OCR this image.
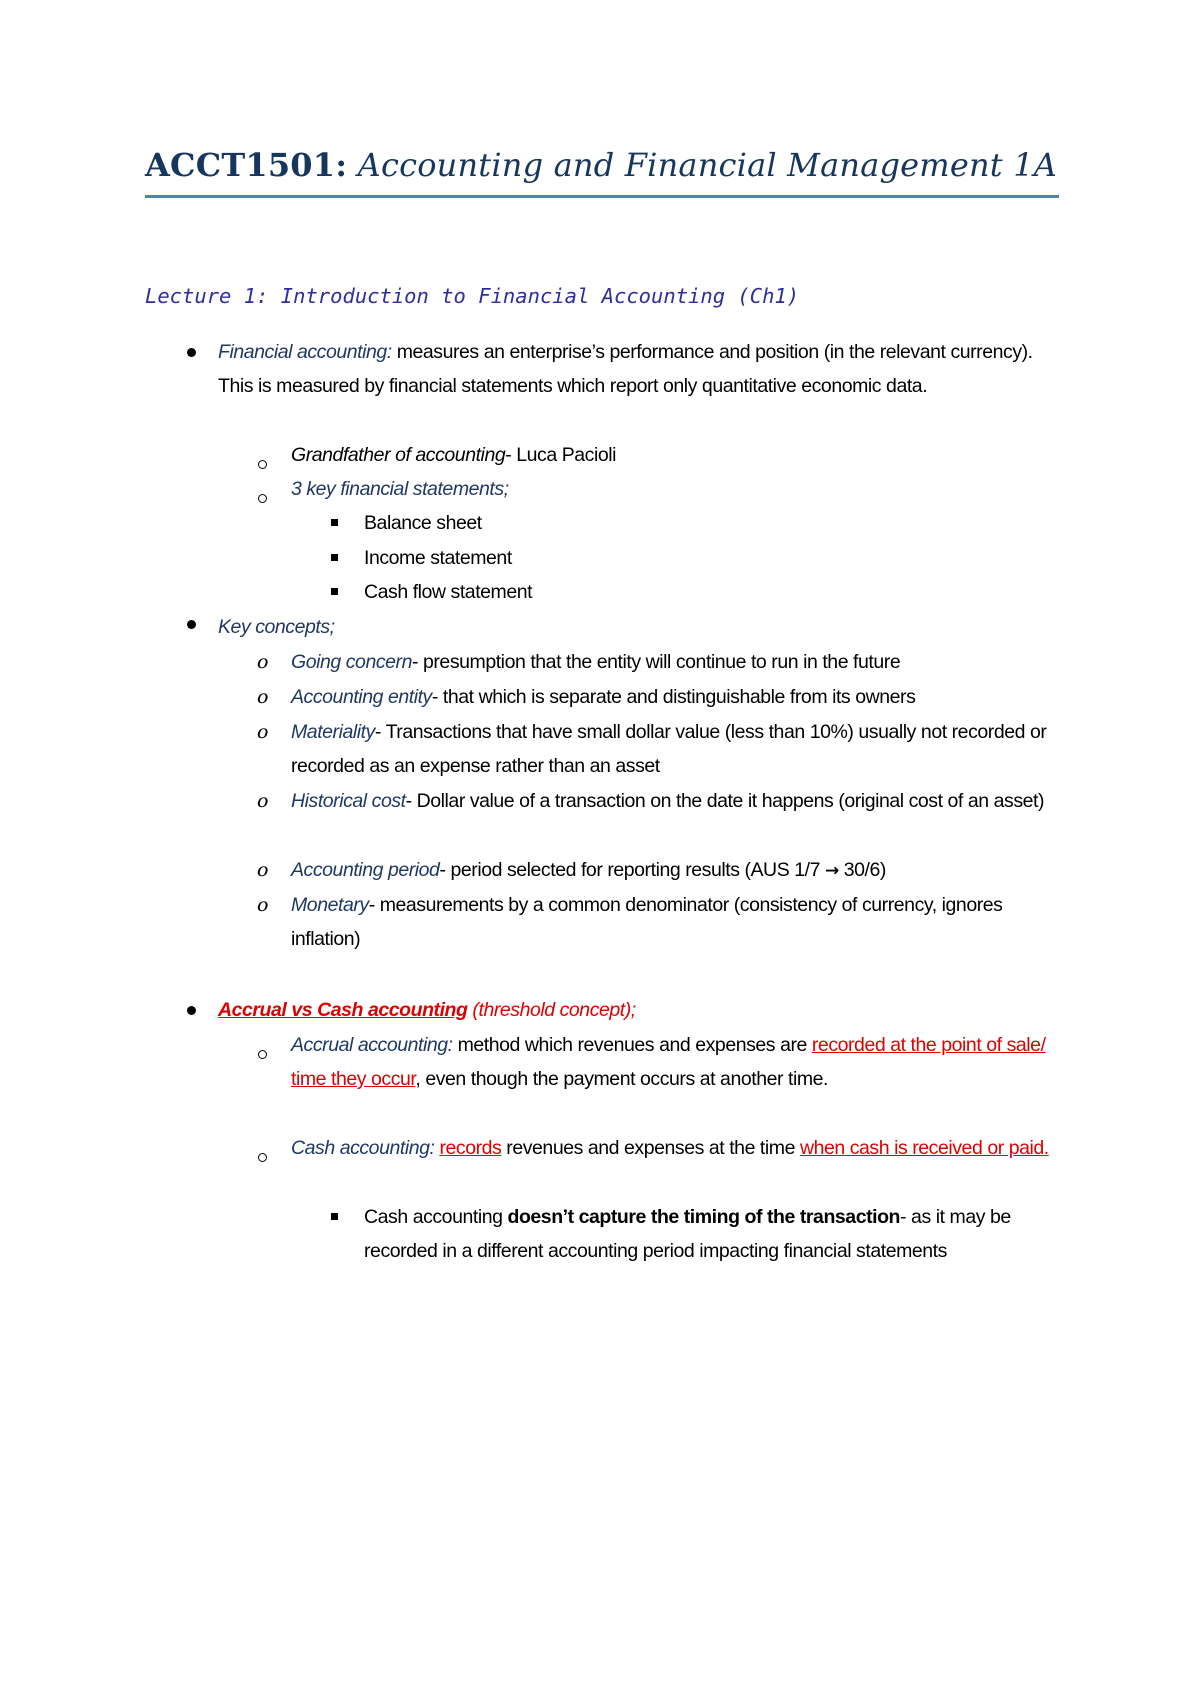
ACCT1501: Accounting and Financial Management 1A
Lecture 1: Introduction to Financial Accounting (Ch1)

Financial accounting: measures an enterprise’s performance and position (in the relevant currency). This is measured by financial statements which report only quantitative economic data.

Grandfather of accounting- Luca Pacioli

3 key financial statements;

Balance sheet

Income statement

Cash flow statement

Key concepts;

o Going concern- presumption that the entity will continue to run in the future

o Accounting entity- that which is separate and distinguishable from its owners

o Materiality- Transactions that have small dollar value (less than 10%) usually not recorded or recorded as an expense rather than an asset

o Historical cost- Dollar value of a transaction on the date it happens (original cost of an asset)

o Accounting period- period selected for reporting results (AUS 1/7 → 30/6)

o Monetary- measurements by a common denominator (consistency of currency, ignores inflation)

Accrual vs Cash accounting (threshold concept);

Accrual accounting: method which revenues and expenses are recorded at the point of sale/ time they occur, even though the payment occurs at another time.

Cash accounting: records revenues and expenses at the time when cash is received or paid.

Cash accounting doesn’t capture the timing of the transaction- as it may be recorded in a different accounting period impacting financial statements
